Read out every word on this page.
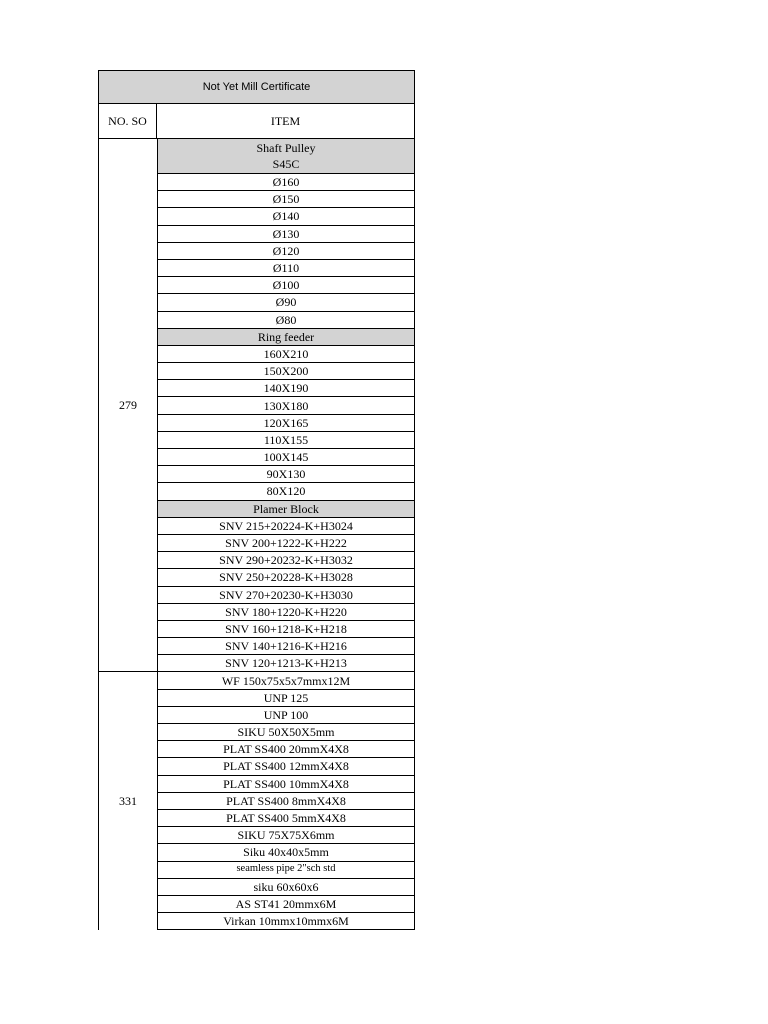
Not Yet Mill Certificate
NO. SO	ITEM
279
Shaft Pulley
S45C
Ø160
Ø150
Ø140
Ø130
Ø120
Ø110
Ø100
Ø90
Ø80
Ring feeder
160X210
150X200
140X190
130X180
120X165
110X155
100X145
90X130
80X120
Plamer Block
SNV 215+20224-K+H3024
SNV 200+1222-K+H222
SNV 290+20232-K+H3032
SNV 250+20228-K+H3028
SNV 270+20230-K+H3030
SNV 180+1220-K+H220
SNV 160+1218-K+H218
SNV 140+1216-K+H216
SNV 120+1213-K+H213
331
WF 150x75x5x7mmx12M
UNP 125
UNP 100
SIKU 50X50X5mm
PLAT SS400 20mmX4X8
PLAT SS400 12mmX4X8
PLAT SS400 10mmX4X8
PLAT SS400 8mmX4X8
PLAT SS400 5mmX4X8
SIKU 75X75X6mm
Siku 40x40x5mm
seamless pipe 2"sch std
siku 60x60x6
AS ST41 20mmx6M
Virkan 10mmx10mmx6M
